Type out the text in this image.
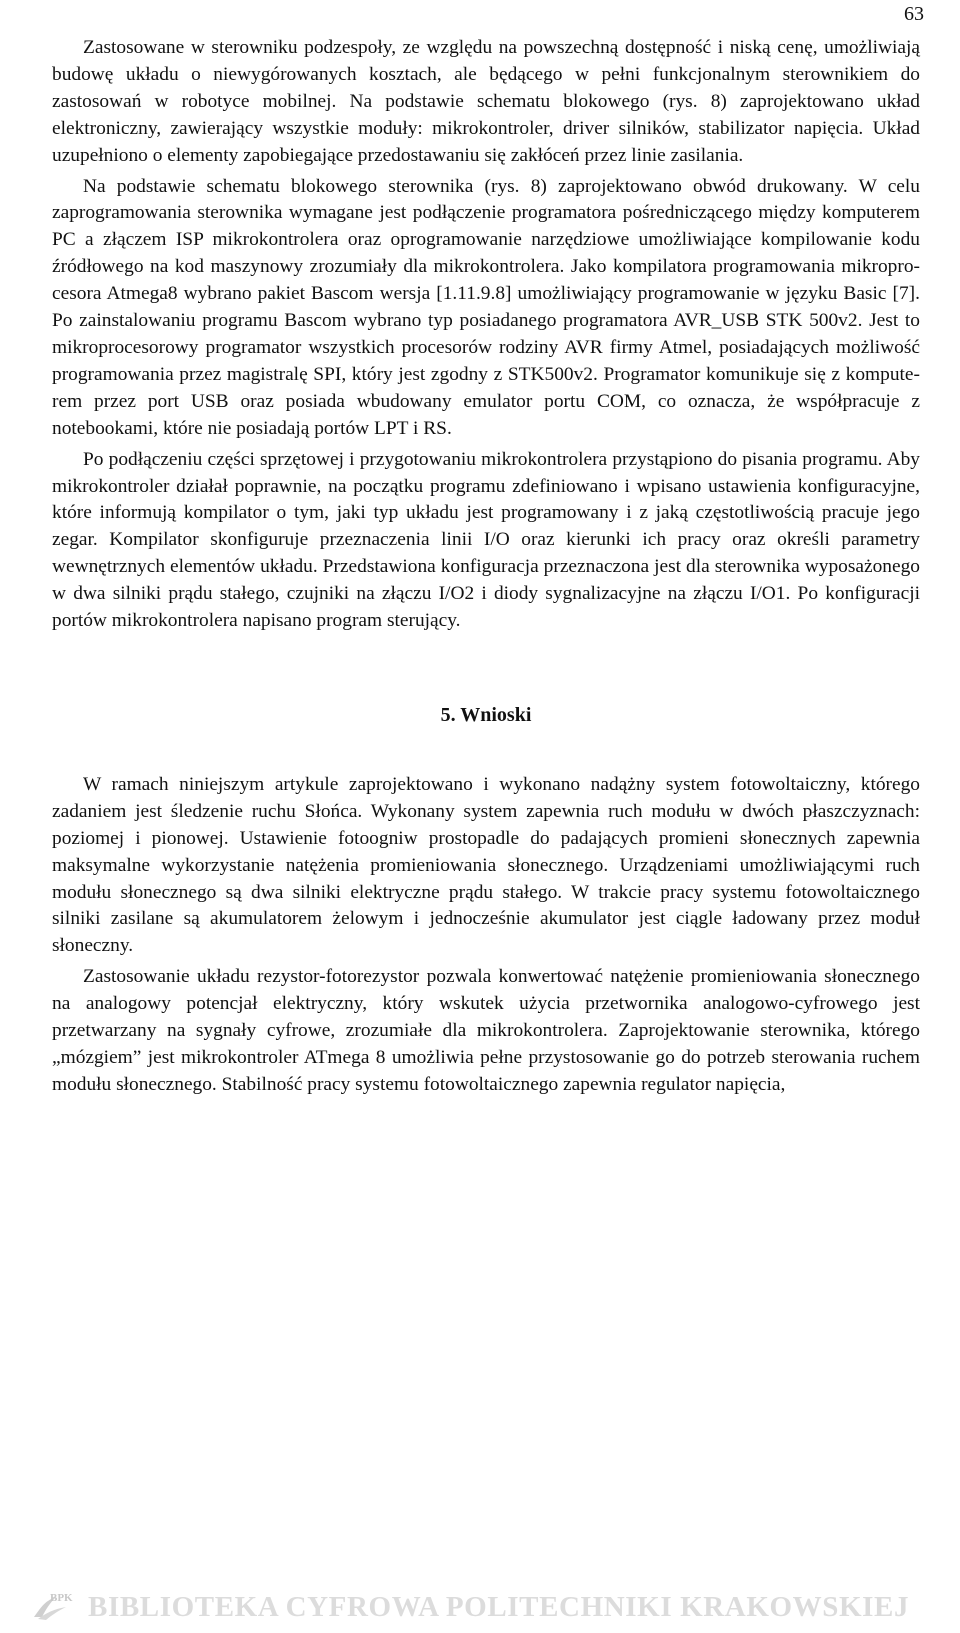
63

Zastosowane w sterowniku podzespoły, ze względu na powszechną dostępność i niską cenę, umożliwiają budowę układu o niewygórowanych kosztach, ale będącego w pełni funkcjonalnym sterownikiem do zastosowań w robotyce mobilnej. Na podstawie schematu blokowego (rys. 8) zaprojektowano układ elektroniczny, zawierający wszystkie moduły: mikrokontroler, driver silników, stabilizator napięcia. Układ uzupełniono o elementy zapobiegające przedostawaniu się zakłóceń przez linie zasilania.

Na podstawie schematu blokowego sterownika (rys. 8) zaprojektowano obwód drukowany. W celu zaprogramowania sterownika wymagane jest podłączenie programatora pośredniczącego między komputerem PC a złączem ISP mikrokontrolera oraz oprogramowanie narzędziowe umożliwiające kompilowanie kodu źródłowego na kod maszynowy zrozumiały dla mikrokontrolera. Jako kompilatora programowania mikroprocesora Atmega8 wybrano pakiet Bascom wersja [1.11.9.8] umożliwiający programowanie w języku Basic [7]. Po zainstalowaniu programu Bascom wybrano typ posiadanego programatora AVR_USB STK 500v2. Jest to mikroprocesorowy programator wszystkich procesorów rodziny AVR firmy Atmel, posiadających możliwość programowania przez magistralę SPI, który jest zgodny z STK500v2. Programator komunikuje się z komputerem przez port USB oraz posiada wbudowany emulator portu COM, co oznacza, że współpracuje z notebookami, które nie posiadają portów LPT i RS.

Po podłączeniu części sprzętowej i przygotowaniu mikrokontrolera przystąpiono do pisania programu. Aby mikrokontroler działał poprawnie, na początku programu zdefiniowano i wpisano ustawienia konfiguracyjne, które informują kompilator o tym, jaki typ układu jest programowany i z jaką częstotliwością pracuje jego zegar. Kompilator skonfiguruje przeznaczenia linii I/O oraz kierunki ich pracy oraz określi parametry wewnętrznych elementów układu. Przedstawiona konfiguracja przeznaczona jest dla sterownika wyposażonego w dwa silniki prądu stałego, czujniki na złączu I/O2 i diody sygnalizacyjne na złączu I/O1. Po konfiguracji portów mikrokontrolera napisano program sterujący.

5. Wnioski

W ramach niniejszym artykule zaprojektowano i wykonano nadążny system fotowoltaiczny, którego zadaniem jest śledzenie ruchu Słońca. Wykonany system zapewnia ruch modułu w dwóch płaszczyznach: poziomej i pionowej. Ustawienie fotoogniw prostopadle do padających promieni słonecznych zapewnia maksymalne wykorzystanie natężenia promieniowania słonecznego. Urządzeniami umożliwiającymi ruch modułu słonecznego są dwa silniki elektryczne prądu stałego. W trakcie pracy systemu fotowoltaicznego silniki zasilane są akumulatorem żelowym i jednocześnie akumulator jest ciągle ładowany przez moduł słoneczny.

Zastosowanie układu rezystor-fotorezystor pozwala konwertować natężenie promieniowania słonecznego na analogowy potencjał elektryczny, który wskutek użycia przetwornika analogowo-cyfrowego jest przetwarzany na sygnały cyfrowe, zrozumiałe dla mikrokontrolera. Zaprojektowanie sterownika, którego „mózgiem” jest mikrokontroler ATmega 8 umożliwia pełne przystosowanie go do potrzeb sterowania ruchem modułu słonecznego. Stabilność pracy systemu fotowoltaicznego zapewnia regulator napięcia,

BPK BIBLIOTEKA CYFROWA POLITECHNIKI KRAKOWSKIEJ
